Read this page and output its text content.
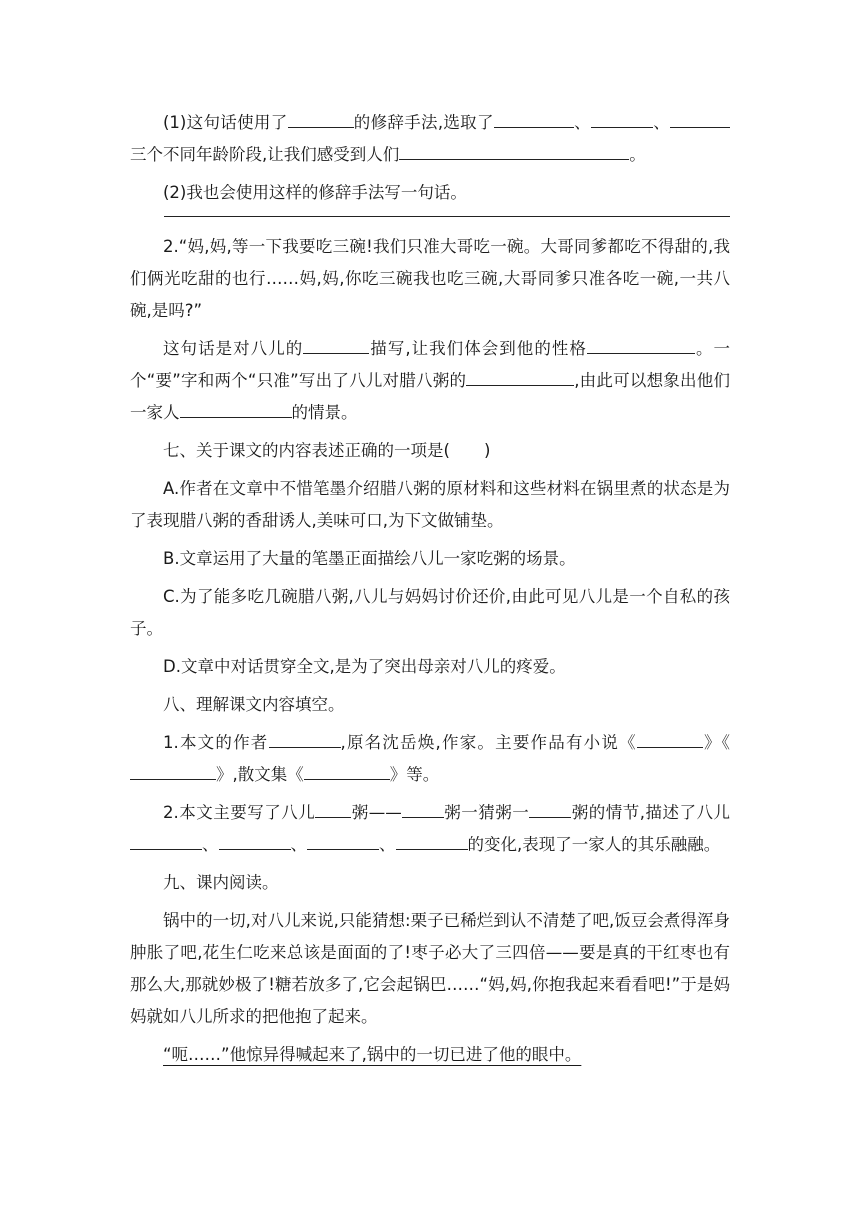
(1)这句话使用了	的修辞手法,选取了	、	、三个不同年龄阶段,让我们感受到人们	。

(2)我也会使用这样的修辞手法写一句话。

2.“妈,妈,等一下我要吃三碗!我们只准大哥吃一碗。大哥同爹都吃不得甜的,我们俩光吃甜的也行……妈,妈,你吃三碗我也吃三碗,大哥同爹只准各吃一碗,一共八碗,是吗?”

这句话是对八儿的	描写,让我们体会到他的性格	。一个“要”字和两个“只准”写出了八儿对腊八粥的	,由此可以想象出他们一家人	的情景。

七、关于课文的内容表述正确的一项是( )

A.作者在文章中不惜笔墨介绍腊八粥的原材料和这些材料在锅里煮的状态是为了表现腊八粥的香甜诱人,美味可口,为下文做铺垫。

B.文章运用了大量的笔墨正面描绘八儿一家吃粥的场景。

C.为了能多吃几碗腊八粥,八儿与妈妈讨价还价,由此可见八儿是一个自私的孩子。

D.文章中对话贯穿全文,是为了突出母亲对八儿的疼爱。

八、理解课文内容填空。

1.本文的作者	,原名沈岳焕,作家。主要作品有小说《	》《》,散文集《	》等。

2.本文主要写了八儿 粥——	粥一猜粥一	粥的情节,描述了八儿、	、	、	的变化,表现了一家人的其乐融融。

九、课内阅读。

锅中的一切,对八儿来说,只能猜想:栗子已稀烂到认不清楚了吧,饭豆会煮得浑身肿胀了吧,花生仁吃来总该是面面的了!枣子必大了三四倍——要是真的干红枣也有那么大,那就妙极了!糖若放多了,它会起锅巴……“妈,妈,你抱我起来看看吧!”于是妈妈就如八儿所求的把他抱了起来。

“呃……”他惊异得喊起来了,锅中的一切已进了他的眼中。
